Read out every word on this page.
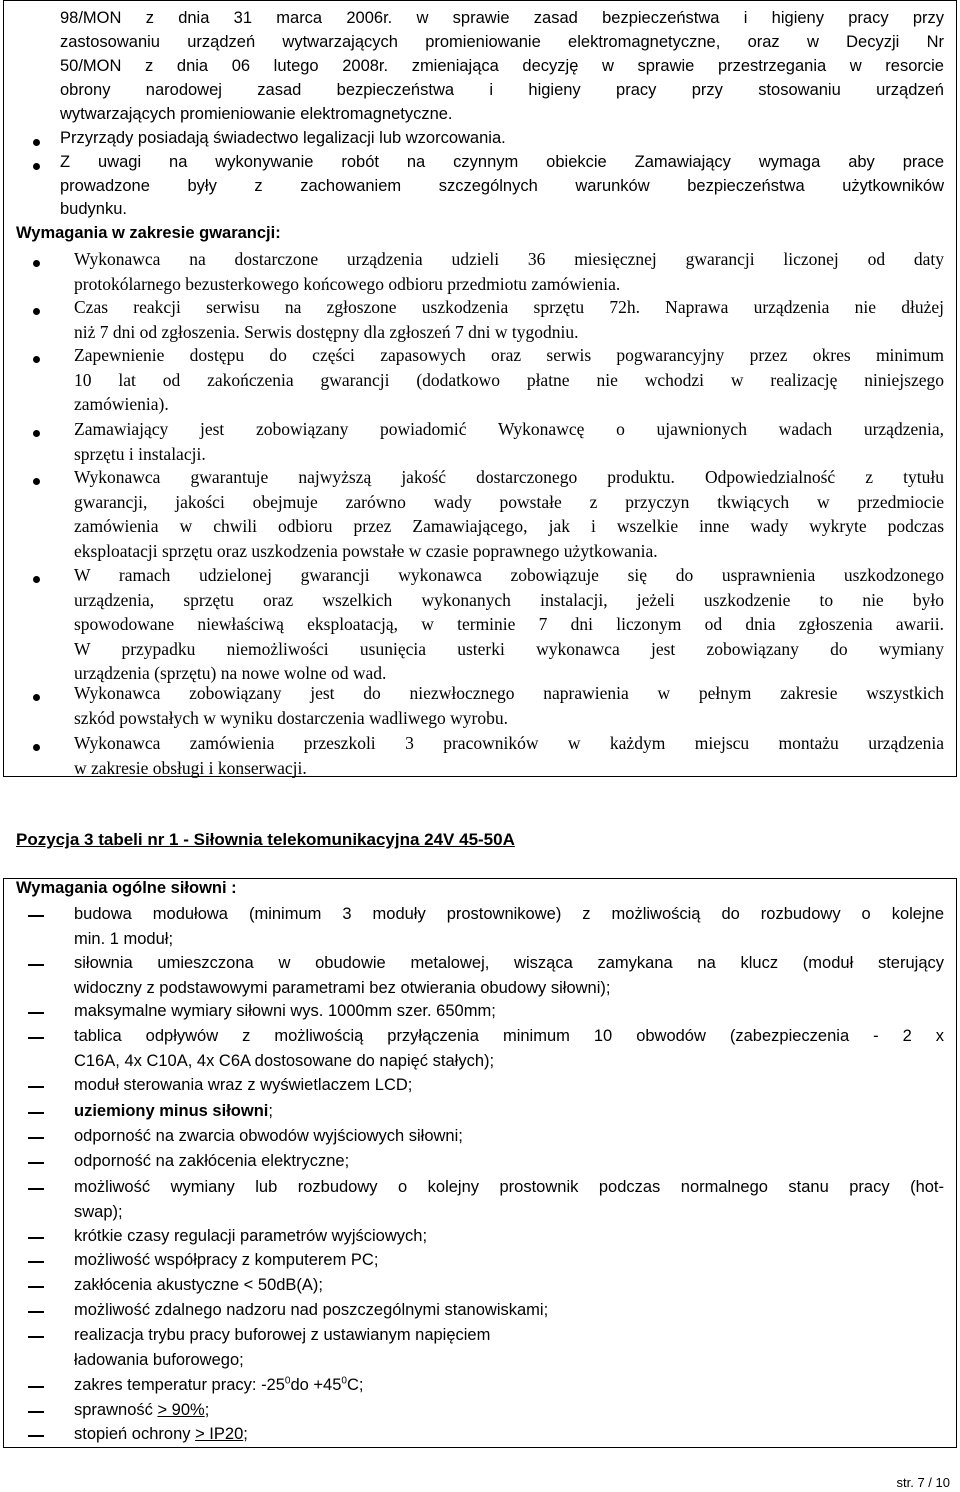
98/MON z dnia 31 marca 2006r. w sprawie zasad bezpieczeństwa i higieny pracy przy
zastosowaniu urządzeń wytwarzających promieniowanie elektromagnetyczne, oraz w Decyzji Nr
50/MON z dnia 06 lutego 2008r. zmieniająca decyzję w sprawie przestrzegania w resorcie
obrony narodowej zasad bezpieczeństwa i higieny pracy przy stosowaniu urządzeń
wytwarzających promieniowanie elektromagnetyczne.
Przyrządy posiadają świadectwo legalizacji lub wzorcowania.
Z uwagi na wykonywanie robót na czynnym obiekcie Zamawiający wymaga aby prace
prowadzone były z zachowaniem szczególnych warunków bezpieczeństwa użytkowników
budynku.
Wymagania w zakresie gwarancji:
Wykonawca na dostarczone urządzenia udzieli 36 miesięcznej gwarancji liczonej od daty
protokólarnego bezusterkowego końcowego odbioru przedmiotu zamówienia.
Czas reakcji serwisu na zgłoszone uszkodzenia sprzętu 72h. Naprawa urządzenia nie dłużej
niż 7 dni od zgłoszenia. Serwis dostępny dla zgłoszeń 7 dni w tygodniu.
Zapewnienie dostępu do części zapasowych oraz serwis pogwarancyjny przez okres minimum
10 lat od zakończenia gwarancji (dodatkowo płatne nie wchodzi w realizację niniejszego
zamówienia).
Zamawiający jest zobowiązany powiadomić Wykonawcę o ujawnionych wadach urządzenia,
sprzętu i instalacji.
Wykonawca gwarantuje najwyższą jakość dostarczonego produktu. Odpowiedzialność z tytułu
gwarancji, jakości obejmuje zarówno wady powstałe z przyczyn tkwiących w przedmiocie
zamówienia w chwili odbioru przez Zamawiającego, jak i wszelkie inne wady wykryte podczas
eksploatacji sprzętu oraz uszkodzenia powstałe w czasie poprawnego użytkowania.
W ramach udzielonej gwarancji wykonawca zobowiązuje się do usprawnienia uszkodzonego
urządzenia, sprzętu oraz wszelkich wykonanych instalacji, jeżeli uszkodzenie to nie było
spowodowane niewłaściwą eksploatacją, w terminie 7 dni liczonym od dnia zgłoszenia awarii.
W przypadku niemożliwości usunięcia usterki wykonawca jest zobowiązany do wymiany
urządzenia (sprzętu) na nowe wolne od wad.
Wykonawca zobowiązany jest do niezwłocznego naprawienia w pełnym zakresie wszystkich
szkód powstałych w wyniku dostarczenia wadliwego wyrobu.
Wykonawca zamówienia przeszkoli 3 pracowników w każdym miejscu montażu urządzenia
w zakresie obsługi i konserwacji.
Wymagania ogólne siłowni :
budowa modułowa (minimum 3 moduły prostownikowe) z możliwością do rozbudowy o kolejne
min. 1 moduł;
siłownia umieszczona w obudowie metalowej, wisząca zamykana na klucz (moduł sterujący
widoczny z podstawowymi parametrami bez otwierania obudowy siłowni);
maksymalne wymiary siłowni wys. 1000mm szer. 650mm;
tablica odpływów z możliwością przyłączenia minimum 10 obwodów (zabezpieczenia - 2 x
C16A, 4x C10A, 4x C6A dostosowane do napięć stałych);
moduł sterowania wraz z wyświetlaczem LCD;
odporność na zwarcia obwodów wyjściowych siłowni;
odporność na zakłócenia elektryczne;
możliwość wymiany lub rozbudowy o kolejny prostownik podczas normalnego stanu pracy (hot-
swap);
krótkie czasy regulacji parametrów wyjściowych;
możliwość współpracy z komputerem PC;
zakłócenia akustyczne < 50dB(A);
możliwość zdalnego nadzoru nad poszczególnymi stanowiskami;
realizacja trybu pracy buforowej z ustawianym napięciem
ładowania buforowego;
uziemiony minus siłowni;
zakres temperatur pracy: $-25^0do +45^0C$;
sprawność > 90%;
stopień ochrony > IP20;
Pozycja 3 tabeli nr 1 - Siłownia telekomunikacyjna 24V 45-50A
str. 7 / 10
